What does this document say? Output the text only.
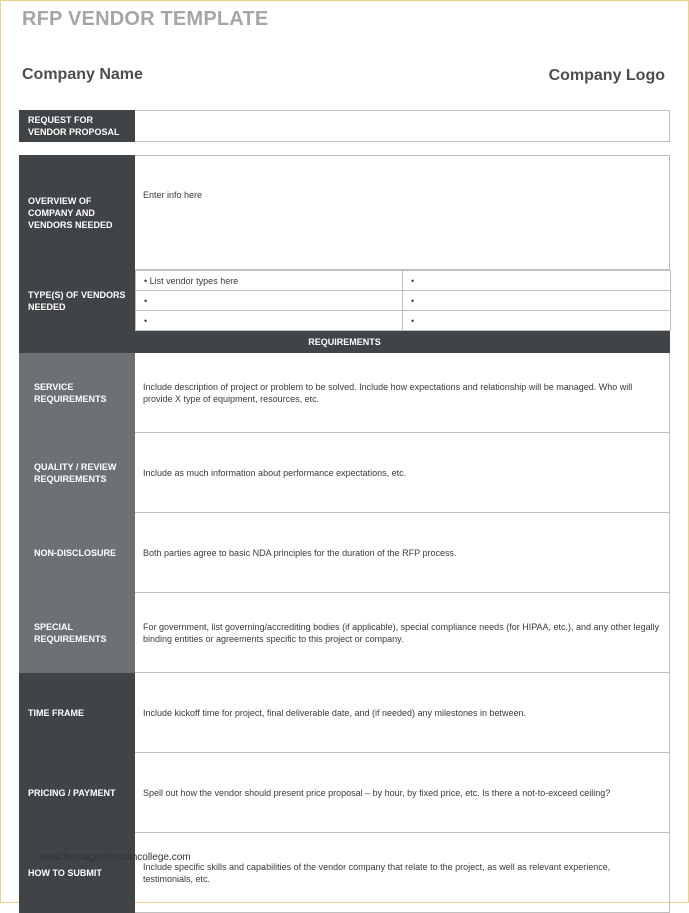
RFP VENDOR TEMPLATE
Company Name	Company Logo
REQUEST FOR VENDOR PROPOSAL	
OVERVIEW OF COMPANY AND VENDORS NEEDED	Enter info here
TYPE(S) OF VENDORS NEEDED	
• List vendor types here	•
•	•
•	•

REQUIREMENTS
SERVICE REQUIREMENTS	Include description of project or problem to be solved. Include how expectations and relationship will be managed. Who will provide X type of equipment, resources, etc.
QUALITY / REVIEW REQUIREMENTS	Include as much information about performance expectations, etc.
NON-DISCLOSURE	Both parties agree to basic NDA principles for the duration of the RFP process.
SPECIAL REQUIREMENTS	For government, list governing/accrediting bodies (if applicable), special compliance needs (for HIPAA, etc.), and any other legally binding entities or agreements specific to this project or company.
TIME FRAME	Include kickoff time for project, final deliverable date, and (if needed) any milestones in between.
PRICING / PAYMENT	Spell out how the vendor should present price proposal – by hour, by fixed price, etc. Is there a not-to-exceed ceiling?
HOW TO SUBMIT	Include specific skills and capabilities of the vendor company that relate to the project, as well as relevant experience, testimonials, etc.
www.heritagechristiancollege.com
